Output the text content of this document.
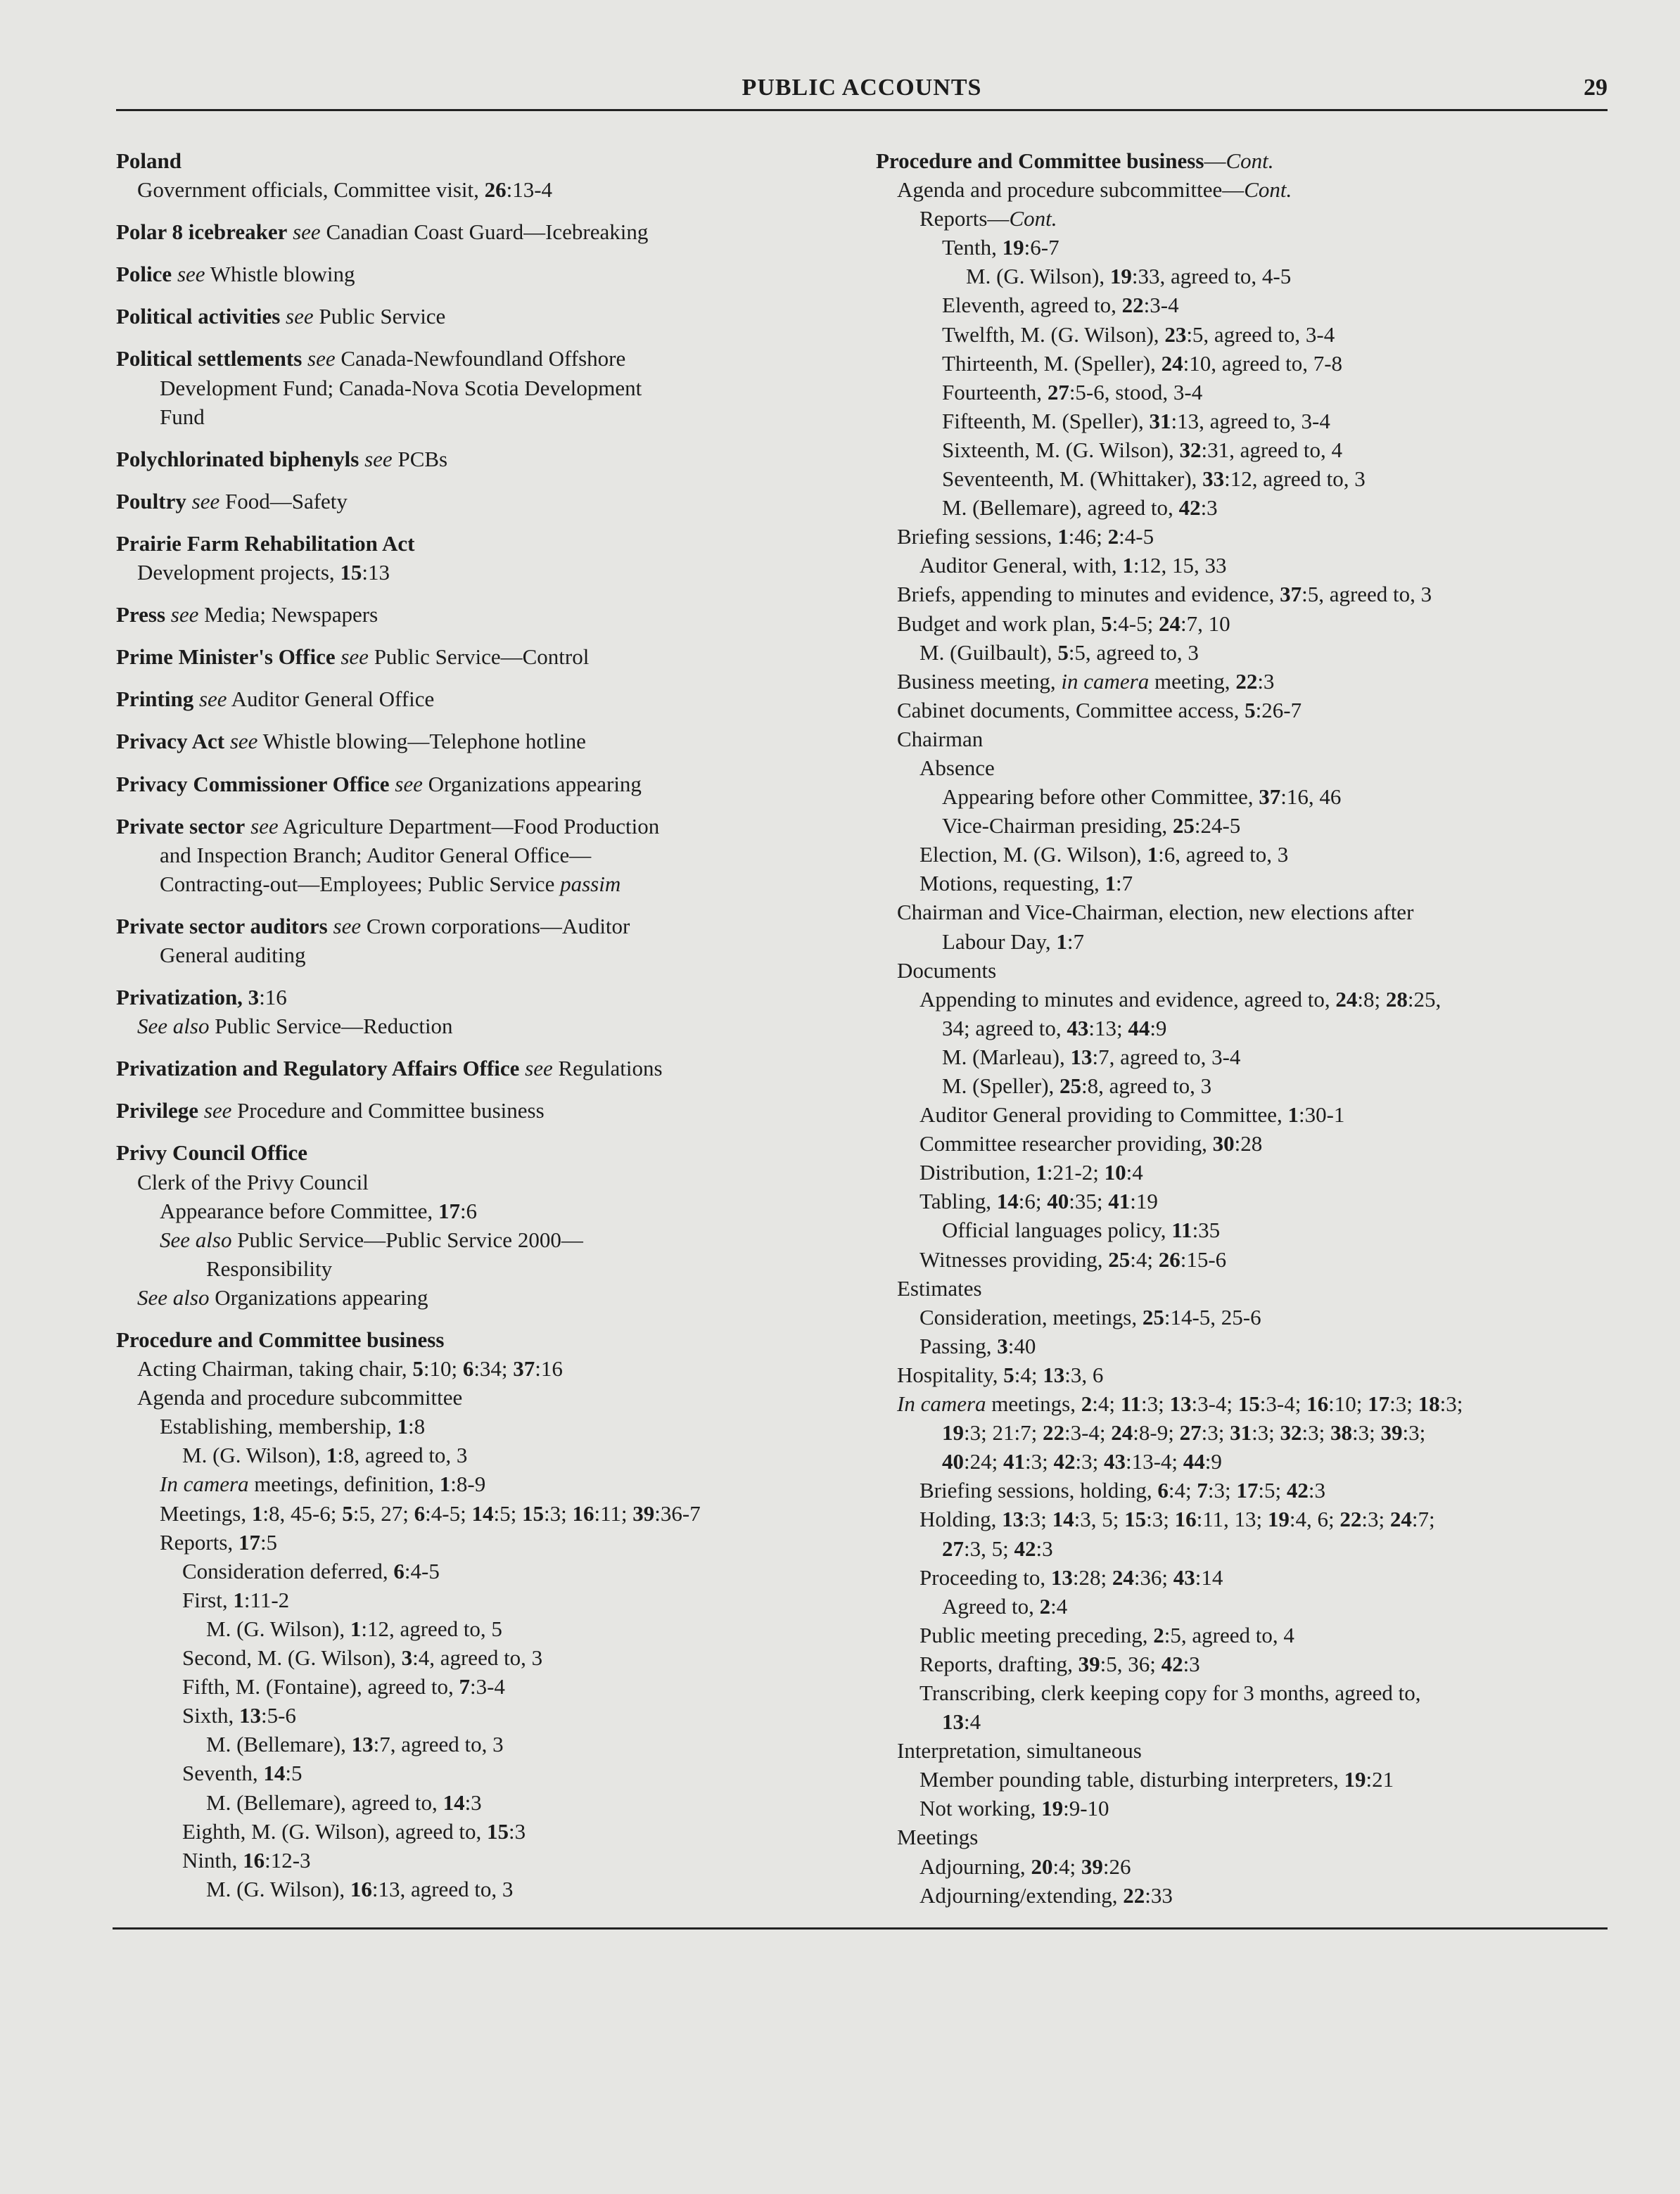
PUBLIC ACCOUNTS	29
Poland
Government officials, Committee visit, 26:13-4
Polar 8 icebreaker see Canadian Coast Guard—Icebreaking
Police see Whistle blowing
Political activities see Public Service
Political settlements see Canada-Newfoundland Offshore
Development Fund; Canada-Nova Scotia Development
Fund
Polychlorinated biphenyls see PCBs
Poultry see Food—Safety
Prairie Farm Rehabilitation Act
Development projects, 15:13
Press see Media; Newspapers
Prime Minister's Office see Public Service—Control
Printing see Auditor General Office
Privacy Act see Whistle blowing—Telephone hotline
Privacy Commissioner Office see Organizations appearing
Private sector see Agriculture Department—Food Production
and Inspection Branch; Auditor General Office—
Contracting-out—Employees; Public Service passim
Private sector auditors see Crown corporations—Auditor
General auditing
Privatization, 3:16
See also Public Service—Reduction
Privatization and Regulatory Affairs Office see Regulations
Privilege see Procedure and Committee business
Privy Council Office
Clerk of the Privy Council
Appearance before Committee, 17:6
See also Public Service—Public Service 2000—
Responsibility
See also Organizations appearing
Procedure and Committee business
Acting Chairman, taking chair, 5:10; 6:34; 37:16
Agenda and procedure subcommittee
Establishing, membership, 1:8
M. (G. Wilson), 1:8, agreed to, 3
In camera meetings, definition, 1:8-9
Meetings, 1:8, 45-6; 5:5, 27; 6:4-5; 14:5; 15:3; 16:11; 39:36-7
Reports, 17:5
Consideration deferred, 6:4-5
First, 1:11-2
M. (G. Wilson), 1:12, agreed to, 5
Second, M. (G. Wilson), 3:4, agreed to, 3
Fifth, M. (Fontaine), agreed to, 7:3-4
Sixth, 13:5-6
M. (Bellemare), 13:7, agreed to, 3
Seventh, 14:5
M. (Bellemare), agreed to, 14:3
Eighth, M. (G. Wilson), agreed to, 15:3
Ninth, 16:12-3
M. (G. Wilson), 16:13, agreed to, 3
Procedure and Committee business—Cont.
Agenda and procedure subcommittee—Cont.
Reports—Cont.
Tenth, 19:6-7
M. (G. Wilson), 19:33, agreed to, 4-5
Eleventh, agreed to, 22:3-4
Twelfth, M. (G. Wilson), 23:5, agreed to, 3-4
Thirteenth, M. (Speller), 24:10, agreed to, 7-8
Fourteenth, 27:5-6, stood, 3-4
Fifteenth, M. (Speller), 31:13, agreed to, 3-4
Sixteenth, M. (G. Wilson), 32:31, agreed to, 4
Seventeenth, M. (Whittaker), 33:12, agreed to, 3
M. (Bellemare), agreed to, 42:3
Briefing sessions, 1:46; 2:4-5
Auditor General, with, 1:12, 15, 33
Briefs, appending to minutes and evidence, 37:5, agreed to, 3
Budget and work plan, 5:4-5; 24:7, 10
M. (Guilbault), 5:5, agreed to, 3
Business meeting, in camera meeting, 22:3
Cabinet documents, Committee access, 5:26-7
Chairman
Absence
Appearing before other Committee, 37:16, 46
Vice-Chairman presiding, 25:24-5
Election, M. (G. Wilson), 1:6, agreed to, 3
Motions, requesting, 1:7
Chairman and Vice-Chairman, election, new elections after
Labour Day, 1:7
Documents
Appending to minutes and evidence, agreed to, 24:8; 28:25,
34; agreed to, 43:13; 44:9
M. (Marleau), 13:7, agreed to, 3-4
M. (Speller), 25:8, agreed to, 3
Auditor General providing to Committee, 1:30-1
Committee researcher providing, 30:28
Distribution, 1:21-2; 10:4
Tabling, 14:6; 40:35; 41:19
Official languages policy, 11:35
Witnesses providing, 25:4; 26:15-6
Estimates
Consideration, meetings, 25:14-5, 25-6
Passing, 3:40
Hospitality, 5:4; 13:3, 6
In camera meetings, 2:4; 11:3; 13:3-4; 15:3-4; 16:10; 17:3; 18:3;
19:3; 21:7; 22:3-4; 24:8-9; 27:3; 31:3; 32:3; 38:3; 39:3;
40:24; 41:3; 42:3; 43:13-4; 44:9
Briefing sessions, holding, 6:4; 7:3; 17:5; 42:3
Holding, 13:3; 14:3, 5; 15:3; 16:11, 13; 19:4, 6; 22:3; 24:7;
27:3, 5; 42:3
Proceeding to, 13:28; 24:36; 43:14
Agreed to, 2:4
Public meeting preceding, 2:5, agreed to, 4
Reports, drafting, 39:5, 36; 42:3
Transcribing, clerk keeping copy for 3 months, agreed to,
13:4
Interpretation, simultaneous
Member pounding table, disturbing interpreters, 19:21
Not working, 19:9-10
Meetings
Adjourning, 20:4; 39:26
Adjourning/extending, 22:33
